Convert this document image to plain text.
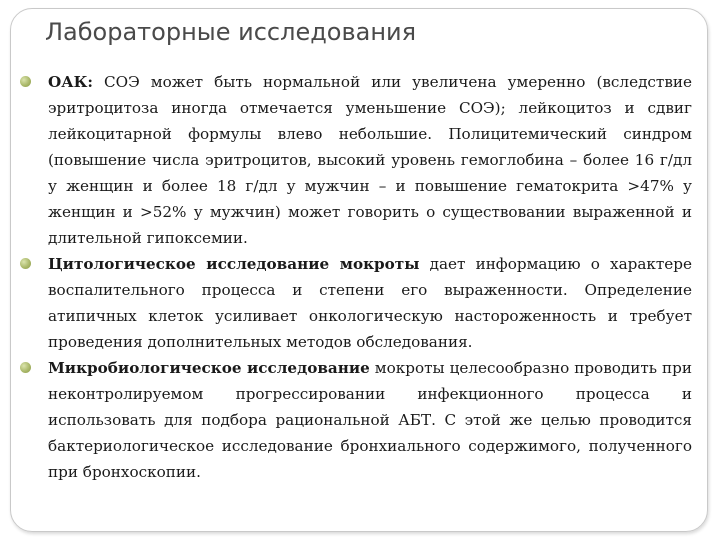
Лабораторные исследования
ОАК: СОЭ может быть нормальной или увеличена умеренно (вследствие эритроцитоза иногда отмечается уменьшение СОЭ); лейкоцитоз и сдвиг лейкоцитарной формулы влево небольшие. Полицитемический синдром (повышение числа эритроцитов, высокий уровень гемоглобина – более 16 г/дл у женщин и более 18 г/дл у мужчин – и повышение гематокрита >47% у женщин и >52% у мужчин) может говорить о существовании выраженной и длительной гипоксемии.
Цитологическое исследование мокроты дает информацию о характере воспалительного процесса и степени его выраженности. Определение атипичных клеток усиливает онкологическую настороженность и требует проведения дополнительных методов обследования.
Микробиологическое исследование мокроты целесообразно проводить при неконтролируемом прогрессировании инфекционного процесса и использовать для подбора рациональной АБТ. С этой же целью проводится бактериологическое исследование бронхиального содержимого, полученного при бронхоскопии.
